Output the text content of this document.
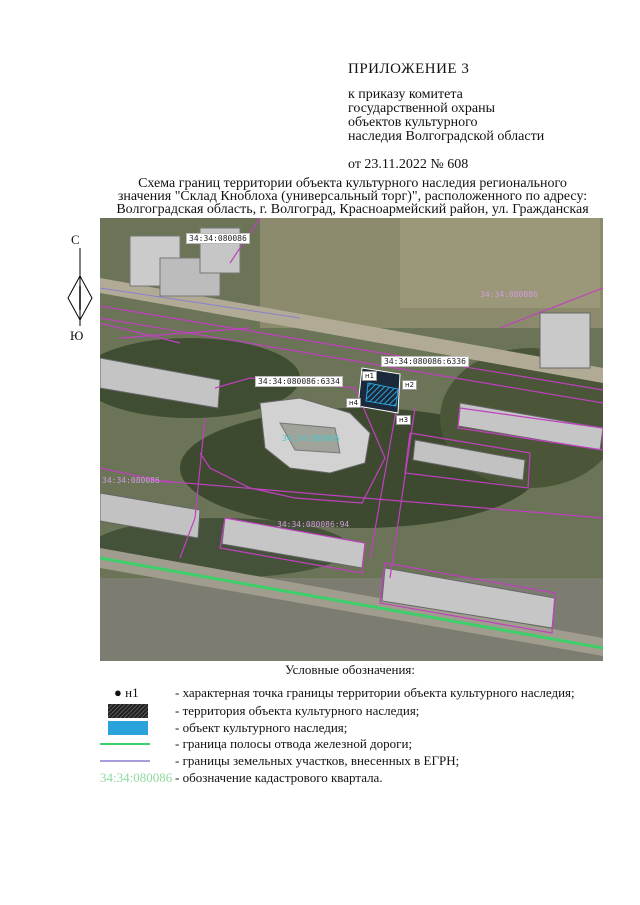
ПРИЛОЖЕНИЕ 3
к приказу комитета
государственной охраны
объектов культурного
наследия Волгоградской области
от 23.11.2022 № 608
Схема границ территории объекта культурного наследия регионального
значения "Склад Кноблоха (универсальный торг)", расположенного по адресу:
Волгоградская область, г. Волгоград, Красноармейский район, ул. Гражданская
С
Ю
34:34:080086
34:34:080086:6336
34:34:080086:6334
34:34:080086
34:34:080086
34:34:080086:94
34:34:080086
н1
н2
н3
н4
Условные обозначения:
● н1	- характерная точка границы территории объекта культурного наследия;
- территория объекта культурного наследия;
- объект культурного наследия;
- граница полосы отвода железной дороги;
- границы земельных участков, внесенных в ЕГРН;
34:34:080086 - обозначение кадастрового квартала.
